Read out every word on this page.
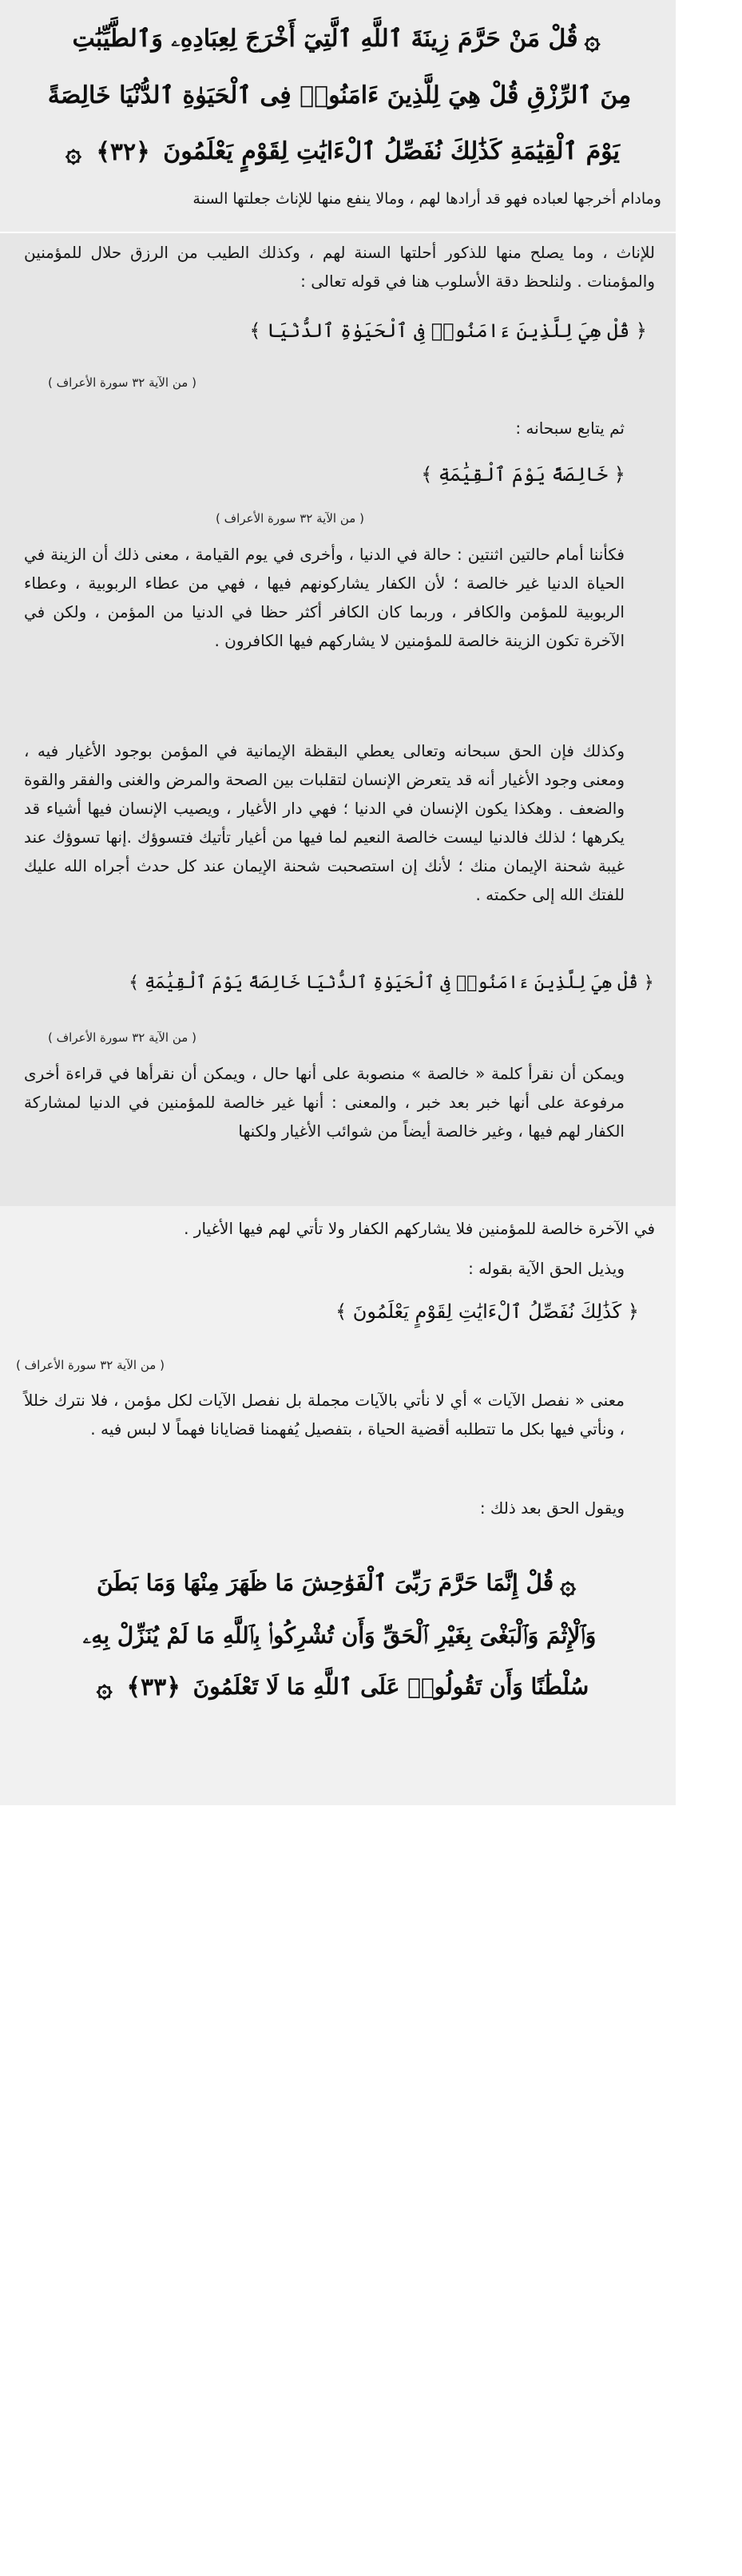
۞قُلْ مَنْ حَرَّمَ زِينَةَ ٱللَّهِ ٱلَّتِيٓ أَخْرَجَ لِعِبَادِهِۦ وَٱلطَّيِّبَٰتِ
مِنَ ٱلرِّزْقِ قُلْ هِيَ لِلَّذِينَ ءَامَنُوا۟ فِى ٱلْحَيَوٰةِ ٱلدُّنْيَا خَالِصَةً
يَوْمَ ٱلْقِيَٰمَةِ كَذَٰلِكَ نُفَصِّلُ ٱلْءَايَٰتِ لِقَوْمٍ يَعْلَمُونَ ﴿٣٢﴾ ۞
ومادام أخرجها لعباده فهو قد أرادها لهم ، ومالا ينفع منها للإناث جعلتها السنة
للإناث ، وما يصلح منها للذكور أحلتها السنة لهم ، وكذلك الطيب من الرزق حلال للمؤمنين والمؤمنات . ولنلحظ دقة الأسلوب هنا في قوله تعالى :
﴿ قُلْ هِيَ لِلَّذِينَ ءَامَنُوا۟ فِى ٱلْحَيَوٰةِ ٱلدُّنْيَا ﴾
( من الآية ٣٢ سورة الأعراف )
ثم يتابع سبحانه :
﴿ خَالِصَةً يَوْمَ ٱلْقِيَٰمَةِ ﴾
( من الآية ٣٢ سورة الأعراف )
فكأننا أمام حالتين اثنتين : حالة في الدنيا ، وأخرى في يوم القيامة ، معنى ذلك أن الزينة في الحياة الدنيا غير خالصة ؛ لأن الكفار يشاركونهم فيها ، فهي من عطاء الربوبية ، وعطاء الربوبية للمؤمن والكافر ، وربما كان الكافر أكثر حظا في الدنيا من المؤمن ، ولكن في الآخرة تكون الزينة خالصة للمؤمنين لا يشاركهم فيها الكافرون .
وكذلك فإن الحق سبحانه وتعالى يعطي البقظة الإيمانية في المؤمن بوجود الأغيار فيه ، ومعنى وجود الأغيار أنه قد يتعرض الإنسان لتقلبات بين الصحة والمرض والغنى والفقر والقوة والضعف . وهكذا يكون الإنسان في الدنيا ؛ فهي دار الأغيار ، ويصيب الإنسان فيها أشياء قد يكرهها ؛ لذلك فالدنيا ليست خالصة النعيم لما فيها من أغيار تأتيك فتسوؤك .إنها تسوؤك عند غيبة شحنة الإيمان منك ؛ لأنك إن استصحبت شحنة الإيمان عند كل حدث أجراه الله عليك للفتك الله إلى حكمته .
﴿ قُلْ هِيَ لِلَّذِينَ ءَامَنُوا۟ فِى ٱلْحَيَوٰةِ ٱلدُّنْيَا خَالِصَةً يَوْمَ ٱلْقِيَٰمَةِ ﴾
( من الآية ٣٢ سورة الأعراف )
ويمكن أن نقرأ كلمة « خالصة » منصوبة على أنها حال ، ويمكن أن نقرأها في قراءة أخرى مرفوعة على أنها خبر بعد خبر ، والمعنى : أنها غير خالصة للمؤمنين في الدنيا لمشاركة الكفار لهم فيها ، وغير خالصة أيضاً من شوائب الأغيار ولكنها
في الآخرة خالصة للمؤمنين فلا يشاركهم الكفار ولا تأتي لهم فيها الأغيار .
ويذيل الحق الآية بقوله :
﴿ كَذَٰلِكَ نُفَصِّلُ ٱلْءَايَٰتِ لِقَوْمٍ يَعْلَمُونَ ﴾
( من الآية ٣٢ سورة الأعراف )
معنى « نفصل الآيات » أي لا نأتي بالآيات مجملة بل نفصل الآيات لكل مؤمن ، فلا نترك خللاً ، ونأتي فيها بكل ما تتطلبه أقضية الحياة ، بتفصيل يُفهمنا قضايانا فهماً لا لبس فيه .
ويقول الحق بعد ذلك :
۞قُلْ إِنَّمَا حَرَّمَ رَبِّىَ ٱلْفَوَٰحِشَ مَا ظَهَرَ مِنْهَا وَمَا بَطَنَ
وَٱلْإِثْمَ وَٱلْبَغْىَ بِغَيْرِ ٱلْحَقِّ وَأَن تُشْرِكُوا۟ بِٱللَّهِ مَا لَمْ يُنَزِّلْ بِهِۦ
سُلْطَٰنًا وَأَن تَقُولُوا۟ عَلَى ٱللَّهِ مَا لَا تَعْلَمُونَ ﴿٣٣﴾ ۞
